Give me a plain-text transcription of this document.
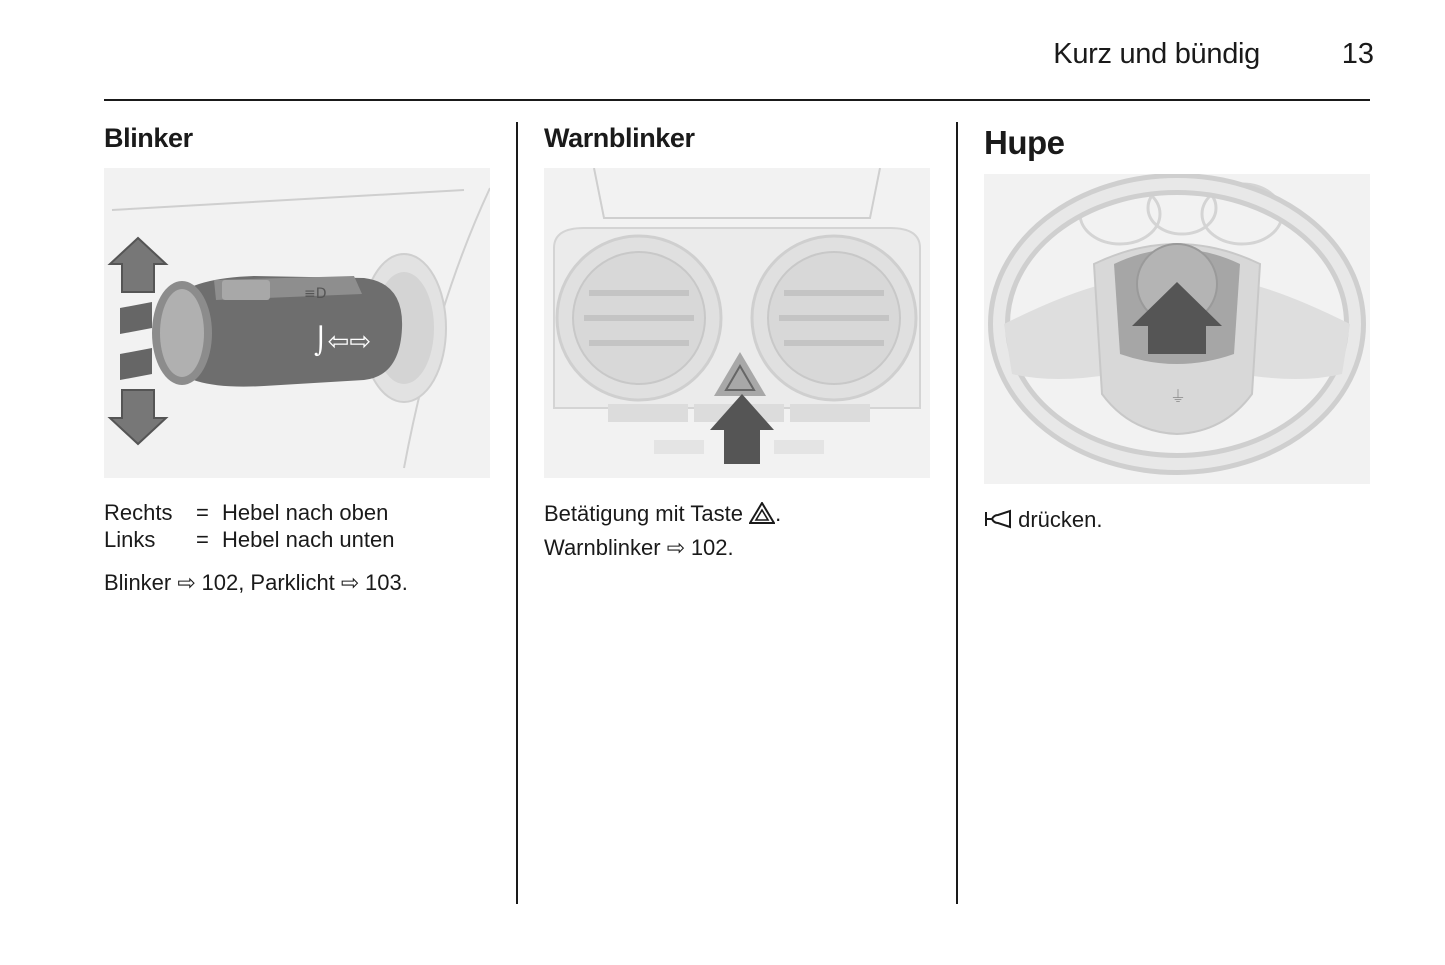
Kurz und bündig	13
Blinker
⌡⇦⇨
≡D
Rechts = Hebel nach oben
Links = Hebel nach unten
Blinker ⇨ 102, Parklicht ⇨ 103.
Warnblinker
Betätigung mit Taste .
Warnblinker ⇨ 102.
Hupe
⏚
drücken.
